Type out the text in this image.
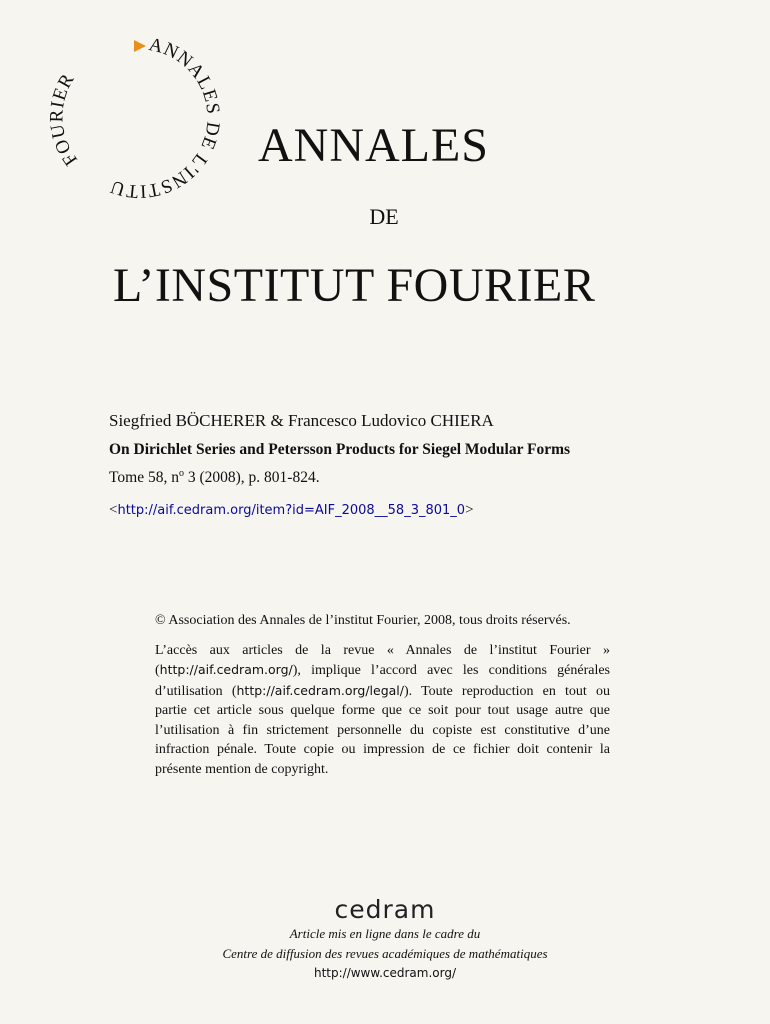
FOURIER
ANNALES DE L'INSTITU
ANNALES
DE
L’INSTITUT FOURIER
Siegfried BÖCHERER & Francesco Ludovico CHIERA
On Dirichlet Series and Petersson Products for Siegel Modular Forms
Tome 58, $n^o$ 3 (2008), p. 801-824.
<http://aif.cedram.org/item?id=AIF_2008__58_3_801_0>

© Association des Annales de l’institut Fourier, 2008, tous droits réservés.

L’accès aux articles de la revue « Annales de l’institut Fourier » (http://aif.cedram.org/), implique l’accord avec les conditions générales d’utilisation (http://aif.cedram.org/legal/). Toute reproduction en tout ou partie cet article sous quelque forme que ce soit pour tout usage autre que l’utilisation à fin strictement personnelle du copiste est constitutive d’une infraction pénale. Toute copie ou impression de ce fichier doit contenir la présente mention de copyright.

cedram
Article mis en ligne dans le cadre du
Centre de diffusion des revues académiques de mathématiques
http://www.cedram.org/
